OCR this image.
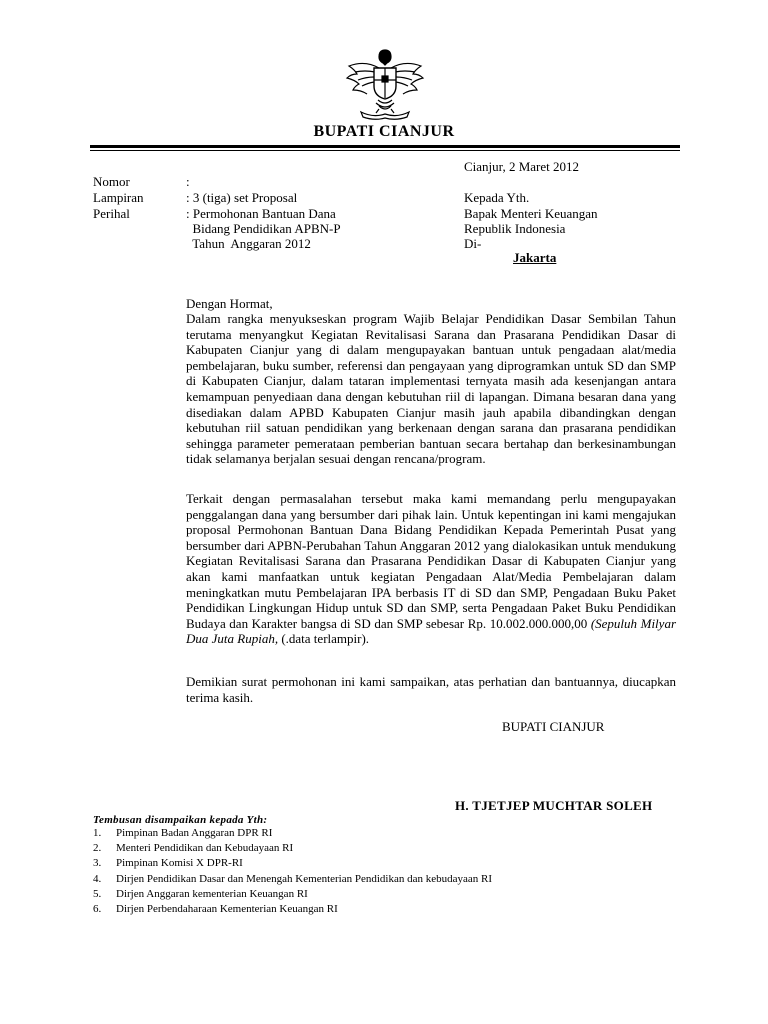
BUPATI CIANJUR
Cianjur, 2 Maret 2012
Nomor	:
Lampiran	: 3 (tiga) set Proposal
Perihal	: Permohonan Bantuan Dana
Bidang Pendidikan APBN-P
Tahun  Anggaran 2012
Kepada Yth.
Bapak Menteri Keuangan
Republik Indonesia
Di-
Jakarta
Dengan Hormat,
Dalam rangka menyukseskan program Wajib Belajar Pendidikan Dasar Sembilan Tahun terutama menyangkut Kegiatan Revitalisasi Sarana dan Prasarana Pendidikan Dasar di Kabupaten Cianjur yang di dalam mengupayakan bantuan untuk pengadaan alat/media pembelajaran, buku sumber, referensi dan pengayaan yang diprogramkan untuk SD dan SMP di Kabupaten Cianjur, dalam tataran implementasi ternyata masih ada kesenjangan antara kemampuan penyediaan dana dengan kebutuhan riil di lapangan. Dimana besaran dana yang disediakan dalam APBD Kabupaten Cianjur masih jauh apabila dibandingkan dengan kebutuhan riil satuan pendidikan yang berkenaan dengan sarana dan prasarana pendidikan sehingga parameter pemerataan pemberian bantuan secara bertahap dan berkesinambungan tidak selamanya berjalan sesuai dengan rencana/program.
Terkait dengan permasalahan tersebut maka kami memandang perlu mengupayakan penggalangan dana yang bersumber dari pihak lain. Untuk kepentingan ini kami mengajukan proposal Permohonan Bantuan Dana Bidang Pendidikan Kepada Pemerintah Pusat yang bersumber dari APBN-Perubahan Tahun Anggaran 2012 yang dialokasikan untuk mendukung Kegiatan Revitalisasi Sarana dan Prasarana Pendidikan Dasar di Kabupaten Cianjur yang akan kami manfaatkan untuk kegiatan Pengadaan Alat/Media Pembelajaran dalam meningkatkan mutu Pembelajaran IPA berbasis IT di SD dan SMP, Pengadaan Buku Paket Pendidikan Lingkungan Hidup untuk SD dan SMP, serta Pengadaan Paket Buku Pendidikan Budaya dan Karakter bangsa di SD dan SMP sebesar Rp. 10.002.000.000,00 (Sepuluh Milyar Dua Juta Rupiah, (.data terlampir).
Demikian surat permohonan ini kami sampaikan, atas perhatian dan bantuannya, diucapkan terima kasih.
BUPATI CIANJUR
H. TJETJEP MUCHTAR SOLEH
Tembusan disampaikan kepada Yth:
1. Pimpinan Badan Anggaran DPR RI
2. Menteri Pendidikan dan Kebudayaan RI
3. Pimpinan Komisi X DPR-RI
4. Dirjen Pendidikan Dasar dan Menengah Kementerian Pendidikan dan kebudayaan RI
5. Dirjen Anggaran kementerian Keuangan RI
6. Dirjen Perbendaharaan Kementerian Keuangan RI
